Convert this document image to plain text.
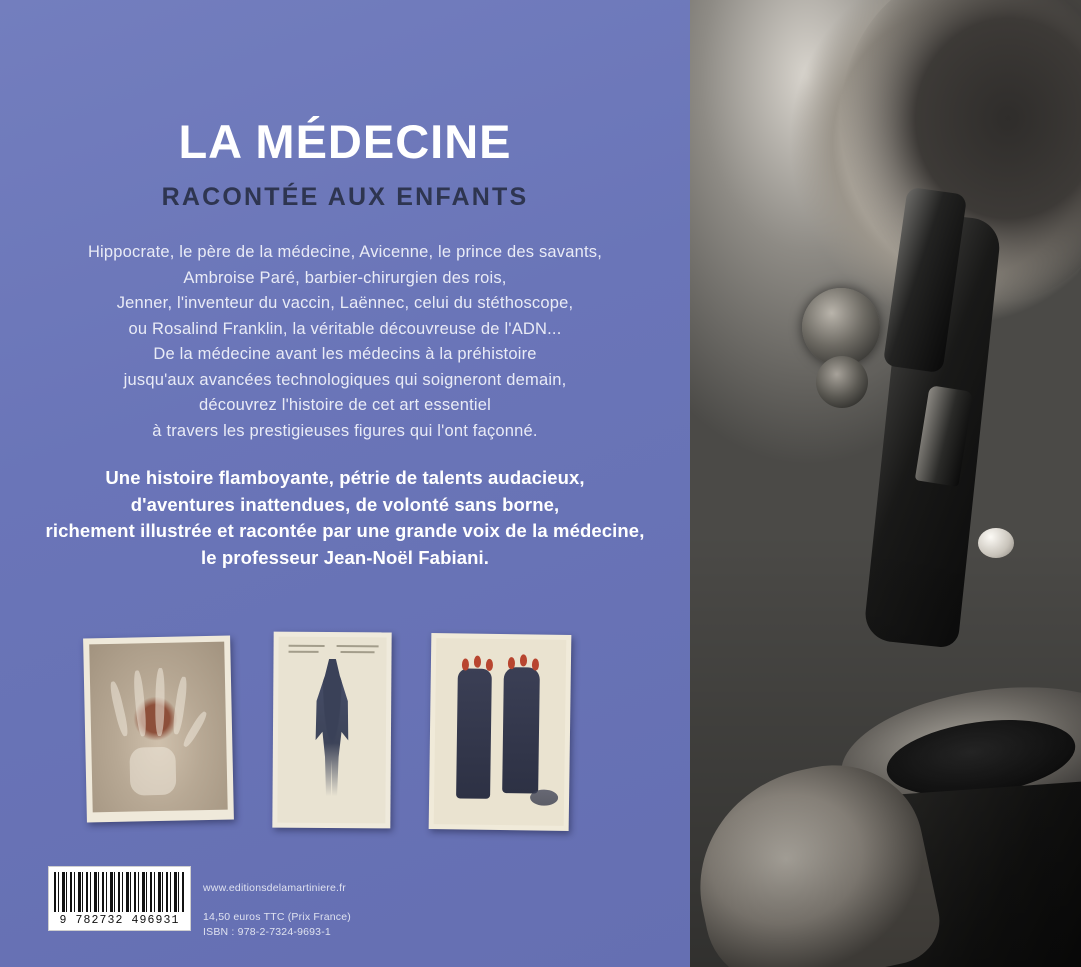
LA MÉDECINE
RACONTÉE AUX ENFANTS

Hippocrate, le père de la médecine, Avicenne, le prince des savants,

Ambroise Paré, barbier-chirurgien des rois,

Jenner, l'inventeur du vaccin, Laënnec, celui du stéthoscope,

ou Rosalind Franklin, la véritable découvreuse de l'ADN...

De la médecine avant les médecins à la préhistoire

jusqu'aux avancées technologiques qui soigneront demain,

découvrez l'histoire de cet art essentiel

à travers les prestigieuses figures qui l'ont façonné.

Une histoire flamboyante, pétrie de talents audacieux,

d'aventures inattendues, de volonté sans borne,

richement illustrée et racontée par une grande voix de la médecine,

le professeur Jean-Noël Fabiani.

9 782732 496931
www.editionsdelamartiniere.fr
14,50 euros TTC (Prix France)
ISBN : 978-2-7324-9693-1
